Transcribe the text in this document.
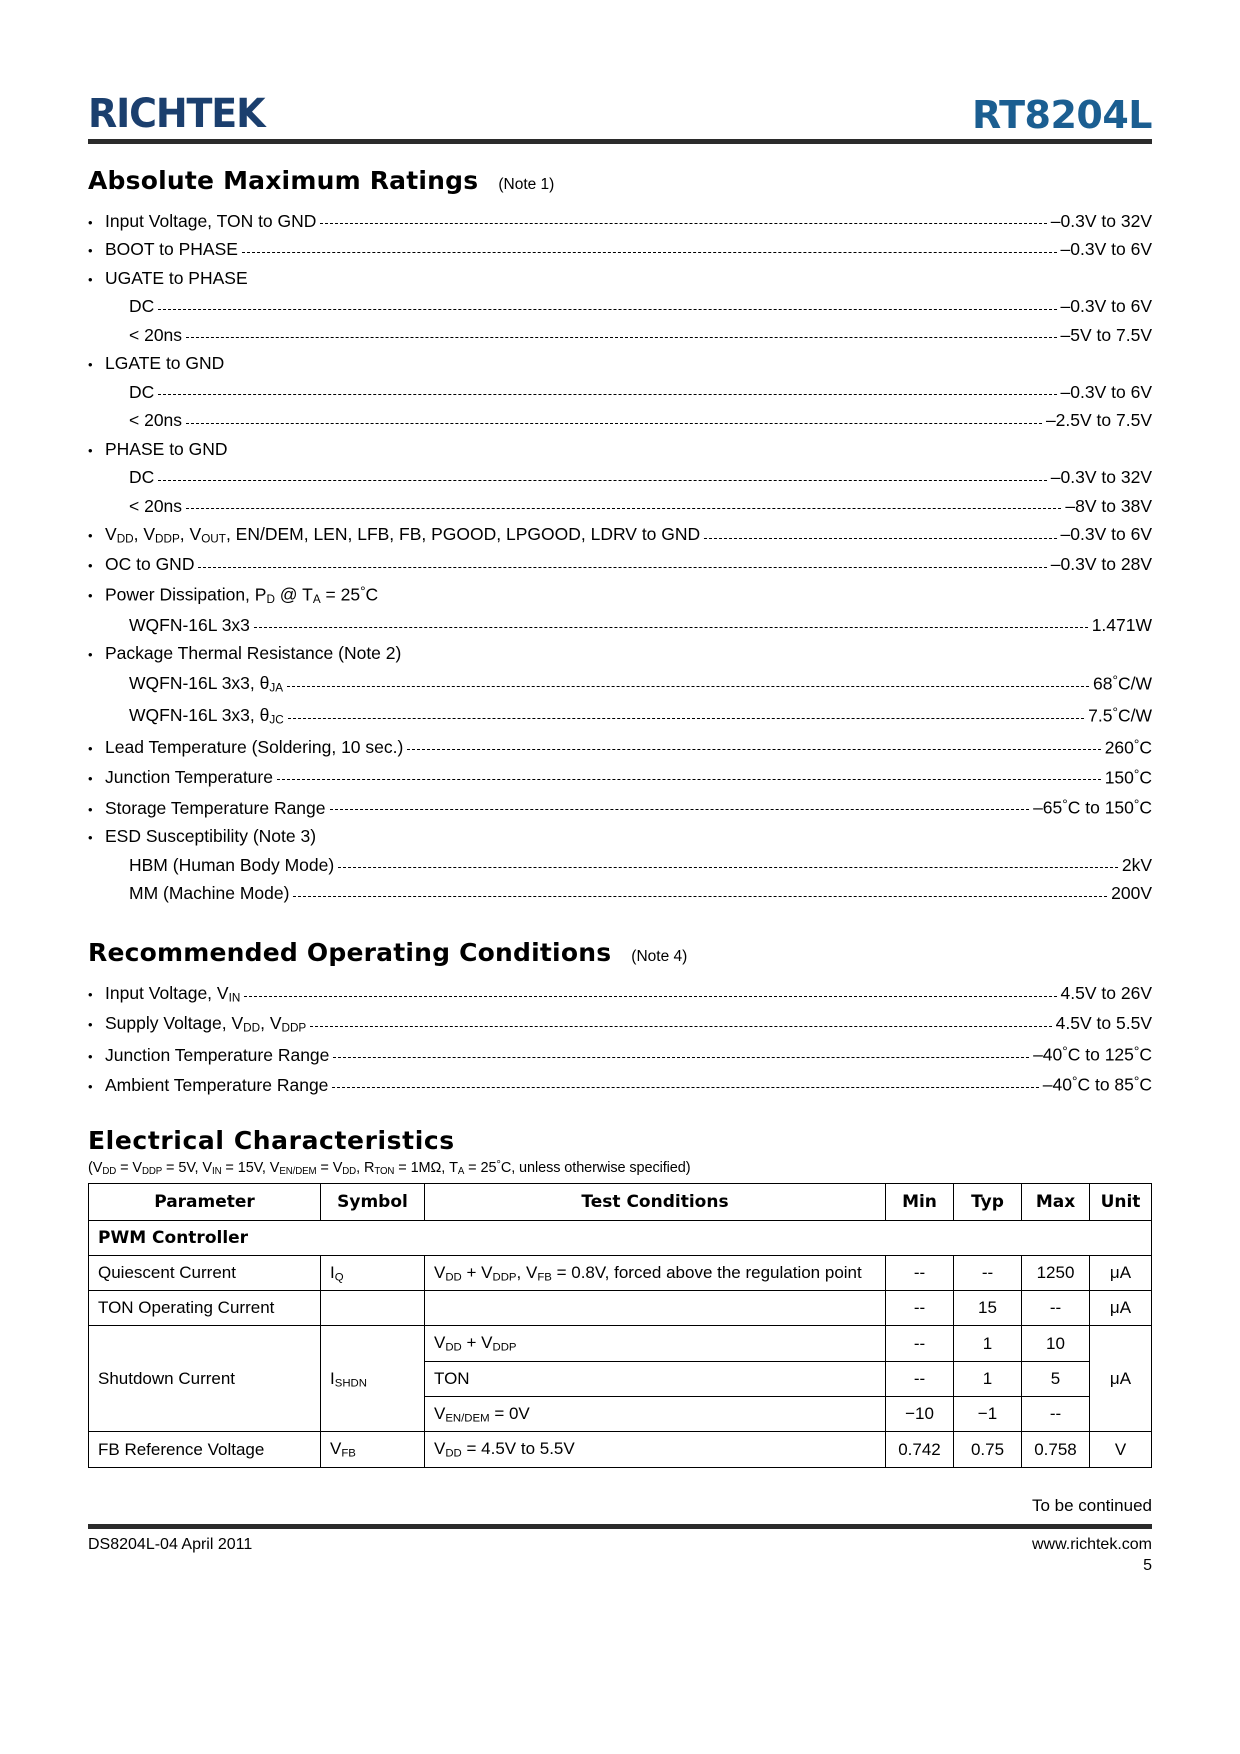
RICHTEK	RT8204L
Absolute Maximum Ratings (Note 1)
•
Input Voltage, TON to GND	–0.3V to 32V
•
BOOT to PHASE	–0.3V to 6V
•
UGATE to PHASE
DC	–0.3V to 6V
< 20ns	–5V to 7.5V
•
LGATE to GND
DC	–0.3V to 6V
< 20ns	–2.5V to 7.5V
•
PHASE to GND
DC	–0.3V to 32V
< 20ns	–8V to 38V
•
$V_{DD}$, $V_{DDP}$, $V_{OUT}$, EN/DEM, LEN, LFB, FB, PGOOD, LPGOOD, LDRV to GND	–0.3V to 6V
•
OC to GND	–0.3V to 28V
•
Power Dissipation, $P_D$ @ $T_A = 25^\circ C$
WQFN-16L 3x3	1.471W
•
Package Thermal Resistance (Note 2)
WQFN-16L 3x3, $\theta_{JA}$	68°C/W
WQFN-16L 3x3, $\theta_{JC}$	7.5°C/W
•
Lead Temperature (Soldering, 10 sec.)	260°C
•
Junction Temperature	150°C
•
Storage Temperature Range	–65°C to 150°C
•
ESD Susceptibility (Note 3)
HBM (Human Body Mode)	2kV
MM (Machine Mode)	200V
Recommended Operating Conditions (Note 4)
•
Input Voltage, $V_{IN}$	4.5V to 26V
•
Supply Voltage, $V_{DD}$, $V_{DDP}$	4.5V to 5.5V
•
Junction Temperature Range	–40°C to 125°C
•
Ambient Temperature Range	–40°C to 85°C
Electrical Characteristics
($V_{DD} = V_{DDP} = 5V$, $V_{IN} = 15V$, $V_{EN/DEM} = V_{DD}$, $R_{TON} = 1M\Omega$, $T_A = 25^\circ C$, unless otherwise specified)
Parameter	Symbol	Test Conditions	Min	Typ	Max	Unit
PWM Controller						
Quiescent Current	$I_Q$	$V_{DD} + V_{DDP}$, $V_{FB} = 0.8V$, forced above the regulation point	--	--	1250	μA
TON Operating Current			--	15	--	μA
Shutdown Current	$I_{SHDN}$	$V_{DD} + V_{DDP}$	--	1	10	μA
		TON	--	1	5	
		$V_{EN/DEM} = 0V$	−10	−1	--	
FB Reference Voltage	$V_{FB}$	$V_{DD} = 4.5V$ to 5.5V	0.742	0.75	0.758	V
To be continued
DS8204L-04 April 2011	www.richtek.com
5
